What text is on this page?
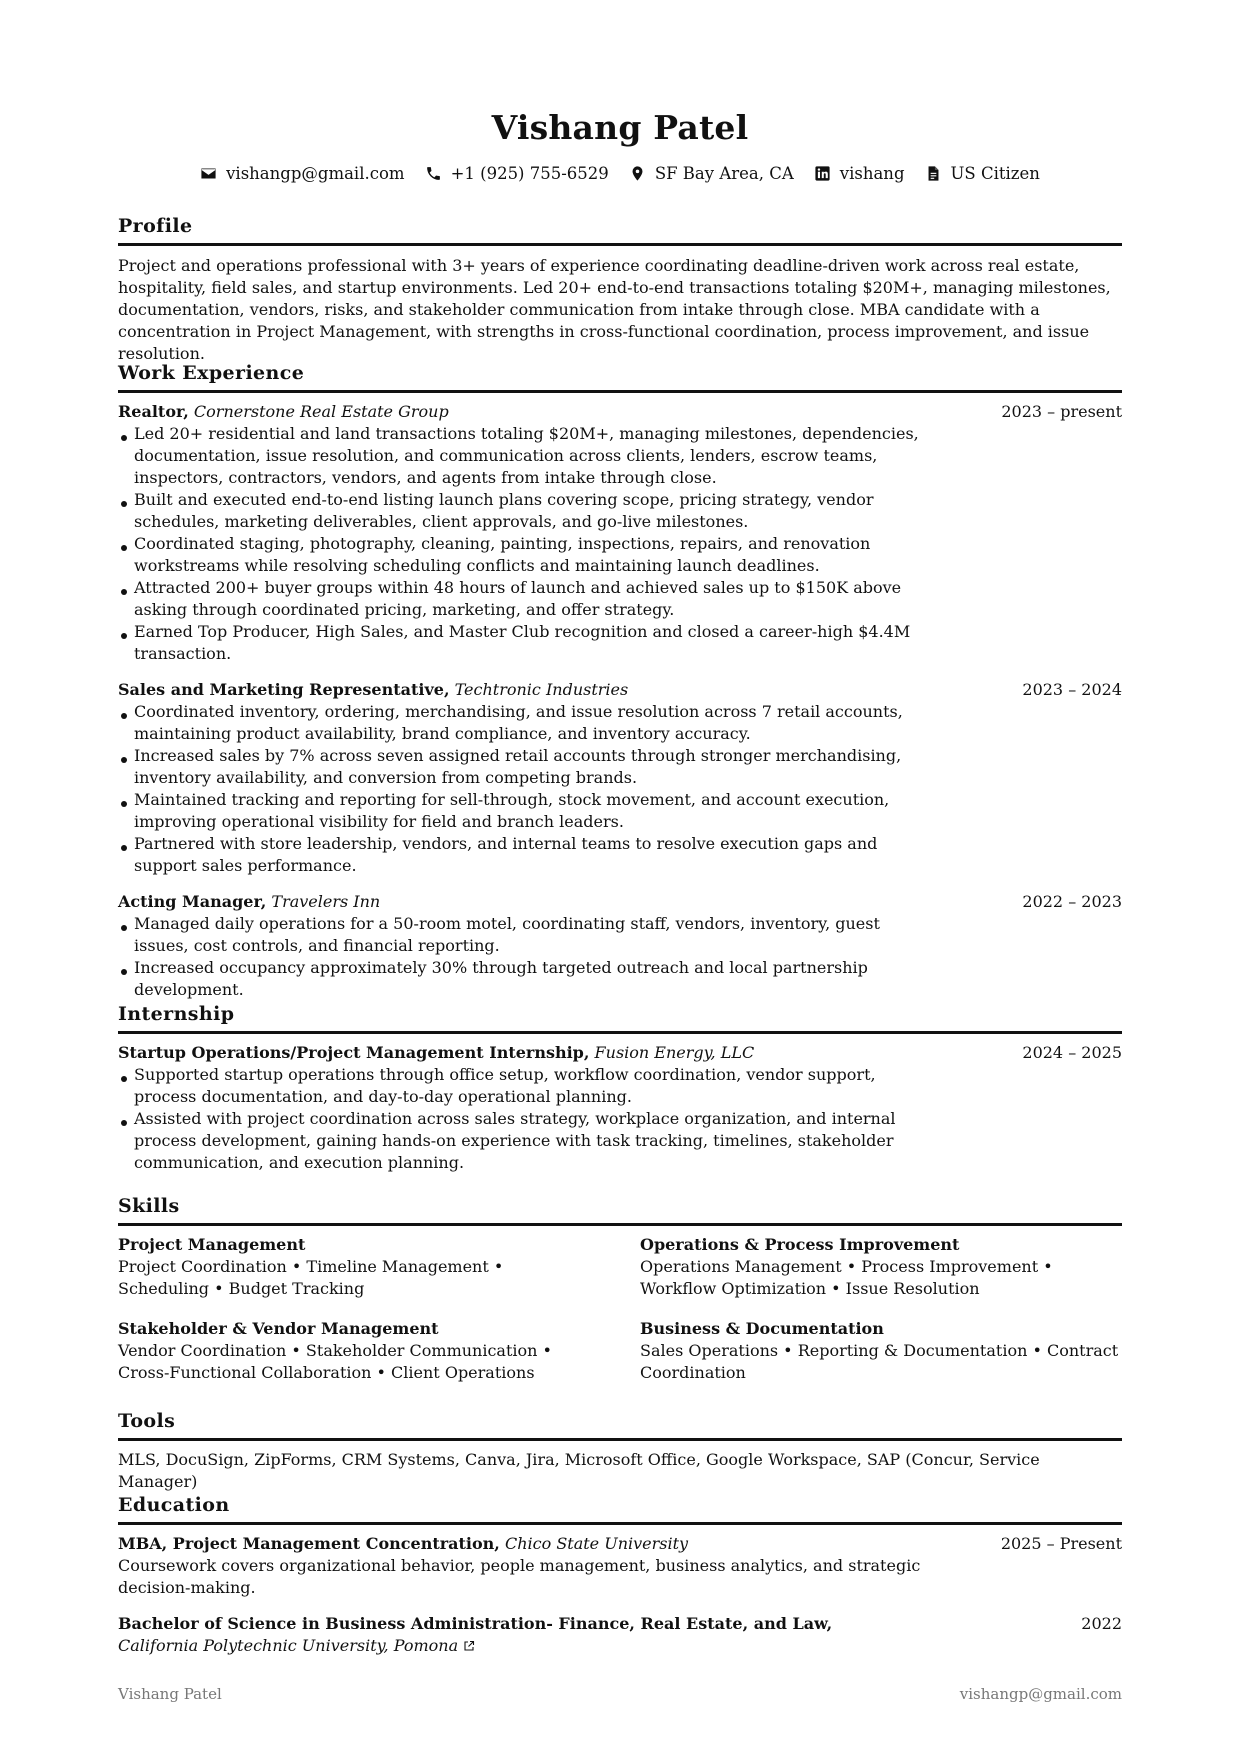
Vishang Patel
vishangp@gmail.com	+1 (925) 755-6529	SF Bay Area, CA	vishang	US Citizen
Profile

Project and operations professional with 3+ years of experience coordinating deadline-driven work across real estate, hospitality, field sales, and startup environments. Led 20+ end-to-end transactions totaling $20M+, managing milestones, documentation, vendors, risks, and stakeholder communication from intake through close. MBA candidate with a concentration in Project Management, with strengths in cross-functional coordination, process improvement, and issue resolution.

Work Experience
Realtor, Cornerstone Real Estate Group	2023 – present
Led 20+ residential and land transactions totaling $20M+, managing milestones, dependencies, documentation, issue resolution, and communication across clients, lenders, escrow teams, inspectors, contractors, vendors, and agents from intake through close.
Built and executed end-to-end listing launch plans covering scope, pricing strategy, vendor schedules, marketing deliverables, client approvals, and go-live milestones.
Coordinated staging, photography, cleaning, painting, inspections, repairs, and renovation workstreams while resolving scheduling conflicts and maintaining launch deadlines.
Attracted 200+ buyer groups within 48 hours of launch and achieved sales up to $150K above asking through coordinated pricing, marketing, and offer strategy.
Earned Top Producer, High Sales, and Master Club recognition and closed a career-high $4.4M transaction.
Sales and Marketing Representative, Techtronic Industries	2023 – 2024
Coordinated inventory, ordering, merchandising, and issue resolution across 7 retail accounts, maintaining product availability, brand compliance, and inventory accuracy.
Increased sales by 7% across seven assigned retail accounts through stronger merchandising, inventory availability, and conversion from competing brands.
Maintained tracking and reporting for sell-through, stock movement, and account execution, improving operational visibility for field and branch leaders.
Partnered with store leadership, vendors, and internal teams to resolve execution gaps and support sales performance.
Acting Manager, Travelers Inn	2022 – 2023
Managed daily operations for a 50-room motel, coordinating staff, vendors, inventory, guest issues, cost controls, and financial reporting.
Increased occupancy approximately 30% through targeted outreach and local partnership development.
Internship
Startup Operations/Project Management Internship, Fusion Energy, LLC	2024 – 2025
Supported startup operations through office setup, workflow coordination, vendor support, process documentation, and day-to-day operational planning.
Assisted with project coordination across sales strategy, workplace organization, and internal process development, gaining hands-on experience with task tracking, timelines, stakeholder communication, and execution planning.
Skills
Project Management
Project Coordination • Timeline Management • Scheduling • Budget Tracking
Operations & Process Improvement
Operations Management • Process Improvement • Workflow Optimization • Issue Resolution
Stakeholder & Vendor Management
Vendor Coordination • Stakeholder Communication • Cross-Functional Collaboration • Client Operations
Business & Documentation
Sales Operations • Reporting & Documentation • Contract Coordination
Tools

MLS, DocuSign, ZipForms, CRM Systems, Canva, Jira, Microsoft Office, Google Workspace, SAP (Concur, Service Manager)

Education
MBA, Project Management Concentration, Chico State University	2025 – Present

Coursework covers organizational behavior, people management, business analytics, and strategic decision-making.

Bachelor of Science in Business Administration- Finance, Real Estate, and Law,	2022
California Polytechnic University, Pomona
Vishang Patel	vishangp@gmail.com
